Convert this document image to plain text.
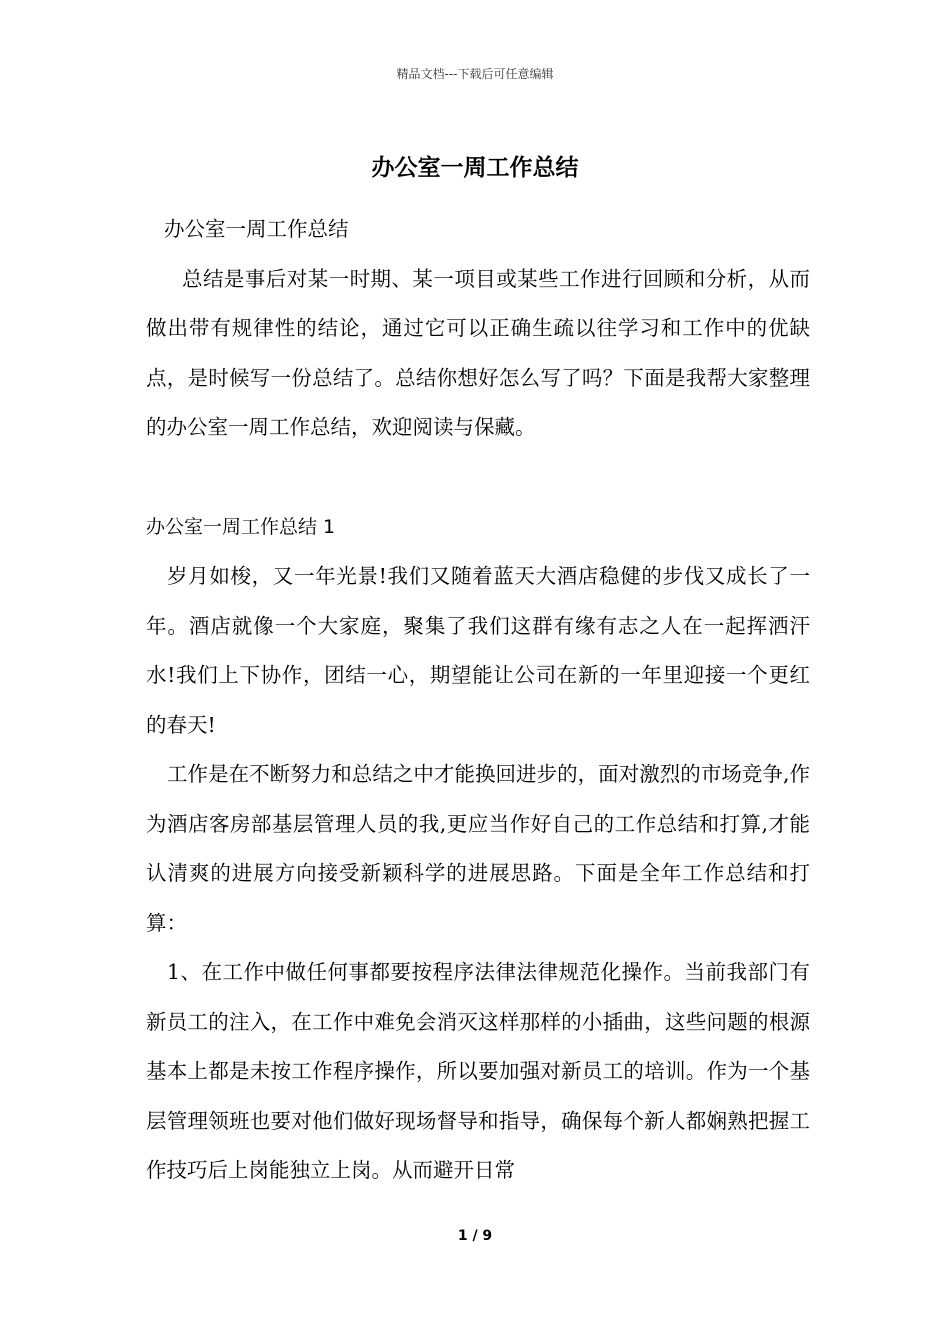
精品文档---下载后可任意编辑
办公室一周工作总结

办公室一周工作总结

总结是事后对某一时期、某一项目或某些工作进行回顾和分析，从而做出带有规律性的结论，通过它可以正确生疏以往学习和工作中的优缺点，是时候写一份总结了。总结你想好怎么写了吗？下面是我帮大家整理的办公室一周工作总结，欢迎阅读与保藏。

办公室一周工作总结 1

岁月如梭，又一年光景!我们又随着蓝天大酒店稳健的步伐又成长了一年。酒店就像一个大家庭，聚集了我们这群有缘有志之人在一起挥洒汗水!我们上下协作，团结一心，期望能让公司在新的一年里迎接一个更红的春天!

工作是在不断努力和总结之中才能换回进步的，面对激烈的市场竞争,作为酒店客房部基层管理人员的我,更应当作好自己的工作总结和打算,才能认清爽的进展方向接受新颖科学的进展思路。下面是全年工作总结和打算：

1、在工作中做任何事都要按程序法律法律规范化操作。当前我部门有新员工的注入，在工作中难免会消灭这样那样的小插曲，这些问题的根源基本上都是未按工作程序操作，所以要加强对新员工的培训。作为一个基层管理领班也要对他们做好现场督导和指导，确保每个新人都娴熟把握工作技巧后上岗能独立上岗。从而避开日常

1 / 9
